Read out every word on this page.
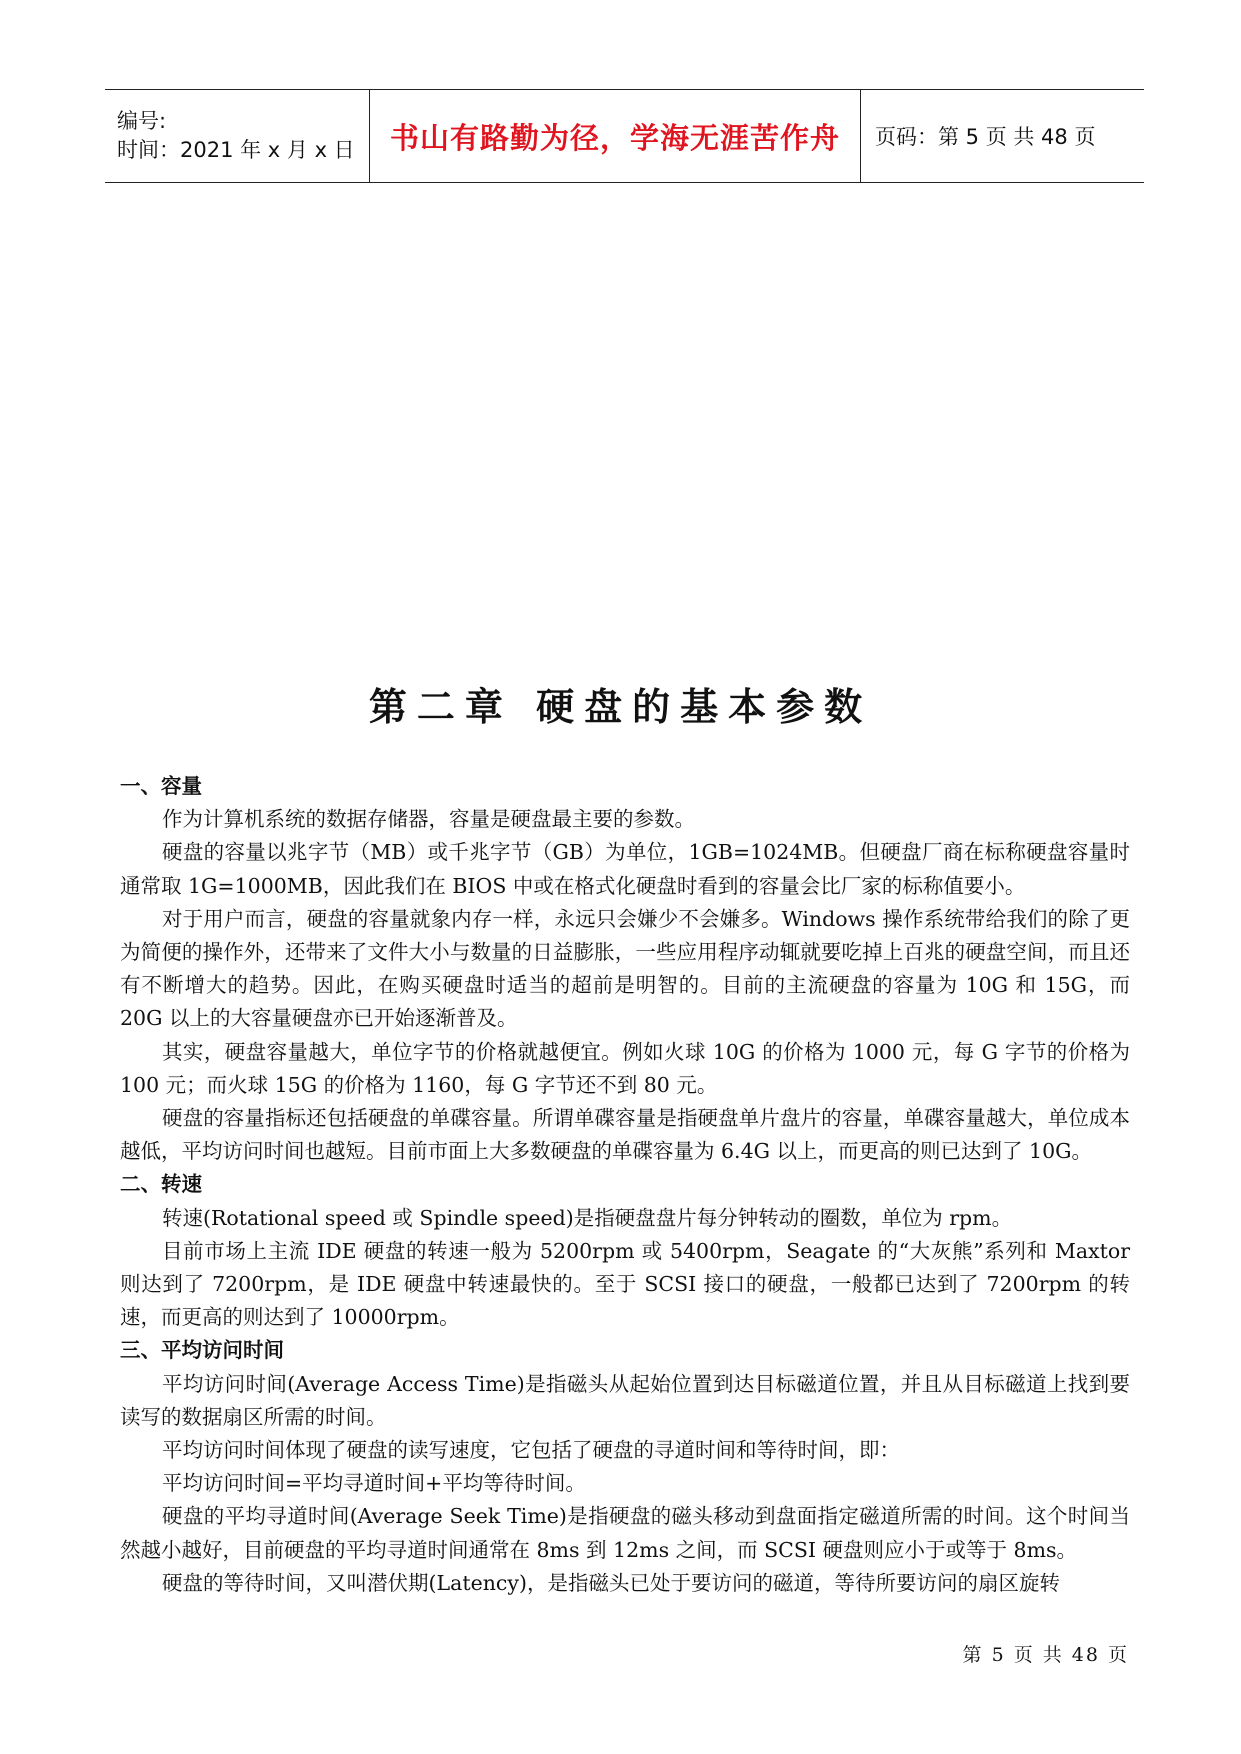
编号:
时间：2021 年 x 月 x 日	书山有路勤为径，学海无涯苦作舟 页码：第 5 页 共 48 页
第二章 硬盘的基本参数

一、容量

作为计算机系统的数据存储器，容量是硬盘最主要的参数。

硬盘的容量以兆字节（MB）或千兆字节（GB）为单位，1GB=1024MB。但硬盘厂商在标称硬盘容量时通常取 1G=1000MB，因此我们在 BIOS 中或在格式化硬盘时看到的容量会比厂家的标称值要小。

对于用户而言，硬盘的容量就象内存一样，永远只会嫌少不会嫌多。Windows 操作系统带给我们的除了更为简便的操作外，还带来了文件大小与数量的日益膨胀，一些应用程序动辄就要吃掉上百兆的硬盘空间，而且还有不断增大的趋势。因此，在购买硬盘时适当的超前是明智的。目前的主流硬盘的容量为 10G 和 15G，而 20G 以上的大容量硬盘亦已开始逐渐普及。

其实，硬盘容量越大，单位字节的价格就越便宜。例如火球 10G 的价格为 1000 元，每 G 字节的价格为 100 元；而火球 15G 的价格为 1160，每 G 字节还不到 80 元。

硬盘的容量指标还包括硬盘的单碟容量。所谓单碟容量是指硬盘单片盘片的容量，单碟容量越大，单位成本越低，平均访问时间也越短。目前市面上大多数硬盘的单碟容量为 6.4G 以上，而更高的则已达到了 10G。

二、转速

转速(Rotational speed 或 Spindle speed)是指硬盘盘片每分钟转动的圈数，单位为 rpm。

目前市场上主流 IDE 硬盘的转速一般为 5200rpm 或 5400rpm，Seagate 的“大灰熊”系列和 Maxtor 则达到了 7200rpm，是 IDE 硬盘中转速最快的。至于 SCSI 接口的硬盘，一般都已达到了 7200rpm 的转速，而更高的则达到了 10000rpm。

三、平均访问时间

平均访问时间(Average Access Time)是指磁头从起始位置到达目标磁道位置，并且从目标磁道上找到要读写的数据扇区所需的时间。

平均访问时间体现了硬盘的读写速度，它包括了硬盘的寻道时间和等待时间，即：

平均访问时间=平均寻道时间+平均等待时间。

硬盘的平均寻道时间(Average Seek Time)是指硬盘的磁头移动到盘面指定磁道所需的时间。这个时间当然越小越好，目前硬盘的平均寻道时间通常在 8ms 到 12ms 之间，而 SCSI 硬盘则应小于或等于 8ms。

硬盘的等待时间，又叫潜伏期(Latency)，是指磁头已处于要访问的磁道，等待所要访问的扇区旋转

第 5 页 共 48 页
